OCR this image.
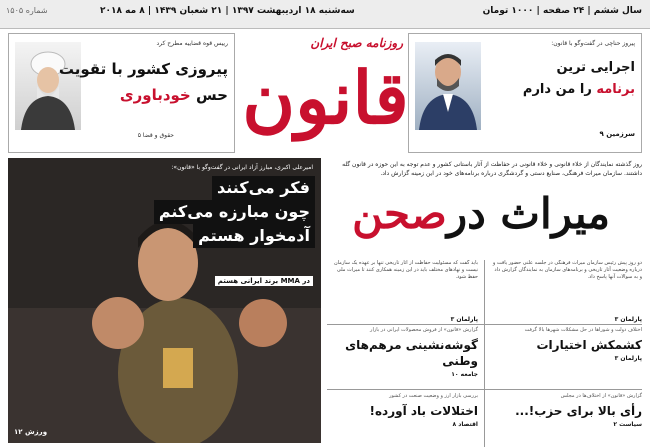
سال ششم | ۲۴ صفحه | ۱۰۰۰ تومان
سه‌شنبه ۱۸ اردیبهشت ۱۳۹۷ | ۲۱ شعبان ۱۴۳۹ | ۸ مه ۲۰۱۸
شماره ۱۵۰۵
روزنامه صبح ایران
قانون
رییس قوه قضاییه مطرح کرد
پیروزی کشور با تقویت
حس خودباوری
حقوق و قضا ۵
پیروز حناچی در گفت‌وگو با قانون:
اجرایی ترین
برنامه را من دارم
سرزمین ۹
امیرعلی اکبری، مبارز آزاد ایرانی در گفت‌وگو با «قانون»:
فکر می‌کنند
چون مبارزه می‌کنم
آدمخوار هستم
در MMA برند ایرانی هستم
ورزش ۱۲
روز گذشته نمایندگان از خلاء قانونی و خلاء قانونی در حفاظت از آثار باستانی کشور و عدم توجه به این حوزه در قانون گله داشتند. سازمان میراث فرهنگی، صنایع دستی و گردشگری درباره برنامه‌های خود در این زمینه گزارش داد.
میراث درصحن
دو روز پیش رئیس سازمان میراث فرهنگی در جلسه علنی حضور یافت و درباره وضعیت آثار تاریخی و برنامه‌های سازمان به نمایندگان گزارش داد و به سوالات آنها پاسخ داد.
باید گفت که مسئولیت حفاظت از آثار تاریخی تنها بر عهده یک سازمان نیست و نهادهای مختلف باید در این زمینه همکاری کنند تا میراث ملی حفظ شود.
پارلمان ۳
پارلمان ۳
اختلاف دولت و شوراها در حل مشکلات شهرها بالا گرفت
کشمکش اختیارات
پارلمان ۳
گزارش «قانون» از فروش محصولات ایرانی در بازار
گوشه‌نشینی مرهم‌های وطنی
جامعه ۱۰
گزارش «قانون» از اختلاف‌ها در مجلس
رأی بالا برای حزب!...
سیاست ۲
بررسی بازار ارز و وضعیت صنعت در کشور
اختلالات باد آورده!
اقتصاد ۸
